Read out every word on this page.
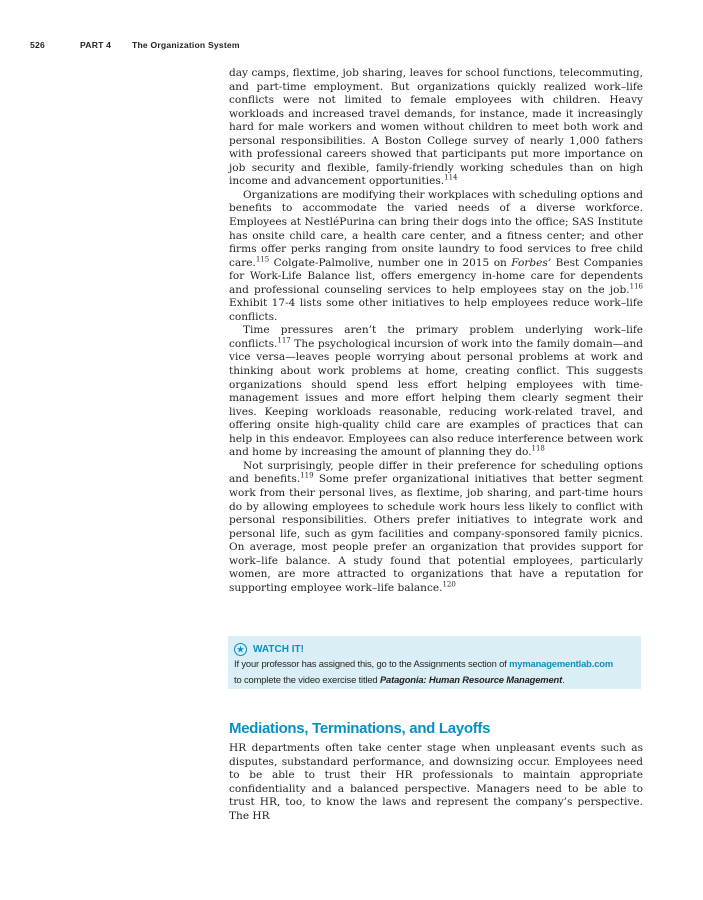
526	PART 4 The Organization System

day camps, flextime, job sharing, leaves for school functions, telecommuting, and part-time employment. But organizations quickly realized work–life conflicts were not limited to female employees with children. Heavy workloads and increased travel demands, for instance, made it increasingly hard for male workers and women without children to meet both work and personal responsibilities. A Boston College survey of nearly 1,000 fathers with professional careers showed that participants put more importance on job security and flexible, family-friendly working schedules than on high income and advancement opportunities.$^{114}$

Organizations are modifying their workplaces with scheduling options and benefits to accommodate the varied needs of a diverse workforce. Employees at NestléPurina can bring their dogs into the office; SAS Institute has onsite child care, a health care center, and a fitness center; and other firms offer perks ranging from onsite laundry to food services to free child care.$^{115}$ Colgate-Palmolive, number one in 2015 on Forbes’ Best Companies for Work-Life Balance list, offers emergency in-home care for dependents and professional counseling services to help employees stay on the job.$^{116}$ Exhibit 17-4 lists some other initiatives to help employees reduce work–life conflicts.

Time pressures aren’t the primary problem underlying work–life conflicts.$^{117}$ The psychological incursion of work into the family domain—and vice versa—leaves people worrying about personal problems at work and thinking about work problems at home, creating conflict. This suggests organizations should spend less effort helping employees with time-management issues and more effort helping them clearly segment their lives. Keeping workloads reasonable, reducing work-related travel, and offering onsite high-quality child care are examples of practices that can help in this endeavor. Employees can also reduce interference between work and home by increasing the amount of planning they do.$^{118}$

Not surprisingly, people differ in their preference for scheduling options and benefits.$^{119}$ Some prefer organizational initiatives that better segment work from their personal lives, as flextime, job sharing, and part-time hours do by allowing employees to schedule work hours less likely to conflict with personal responsibilities. Others prefer initiatives to integrate work and personal life, such as gym facilities and company-sponsored family picnics. On average, most people prefer an organization that provides support for work–life balance. A study found that potential employees, particularly women, are more attracted to organizations that have a reputation for supporting employee work–life balance.$^{120}$

★ WATCH IT!
If your professor has assigned this, go to the Assignments section of mymanagementlab.com
to complete the video exercise titled Patagonia: Human Resource Management.
Mediations, Terminations, and Layoffs

HR departments often take center stage when unpleasant events such as disputes, substandard performance, and downsizing occur. Employees need to be able to trust their HR professionals to maintain appropriate confidentiality and a balanced perspective. Managers need to be able to trust HR, too, to know the laws and represent the company’s perspective. The HR
